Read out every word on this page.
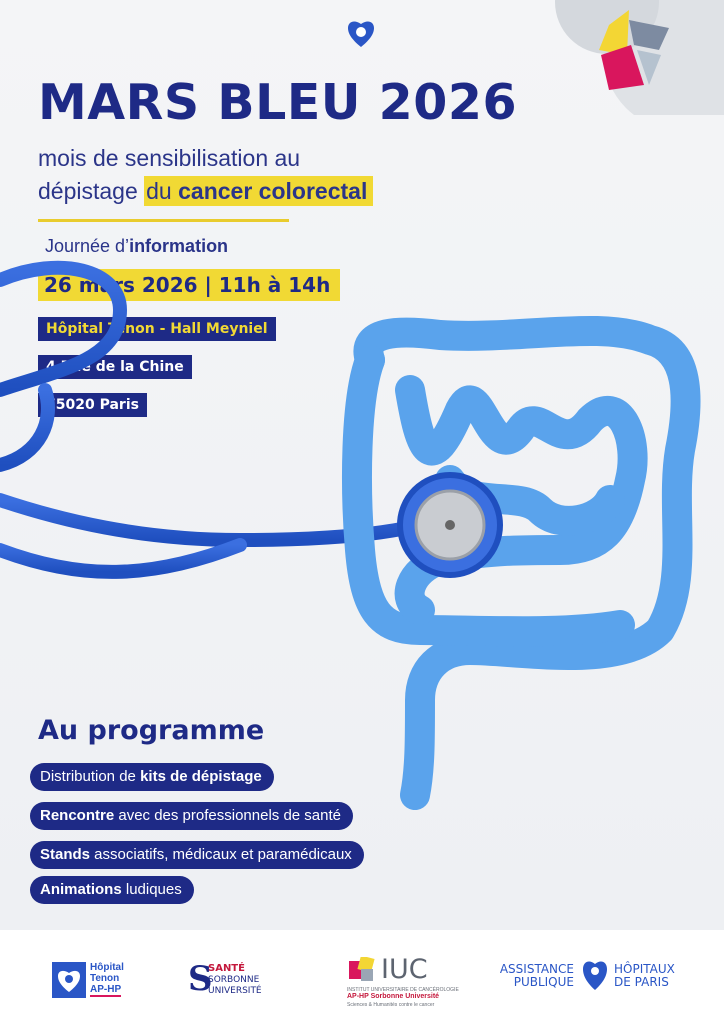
MARS BLEU 2026
mois de sensibilisation au
dépistage du cancer colorectal
Journée d’information
26 mars 2026 | 11h à 14h
Hôpital Tenon - Hall Meyniel
4 Rue de la Chine
75020 Paris
Au programme
Distribution de kits de dépistage
Rencontre avec des professionnels de santé
Stands associatifs, médicaux et paramédicaux
Animations ludiques
Hôpital
Tenon
AP-HP	S
SANTÉ
SORBONNE
UNIVERSITÉ
IUC
INSTITUT UNIVERSITAIRE DE CANCÉROLOGIE
AP-HP Sorbonne Université
Sciences & Humanités contre le cancer
ASSISTANCE
PUBLIQUE
HÔPITAUX
DE PARIS
